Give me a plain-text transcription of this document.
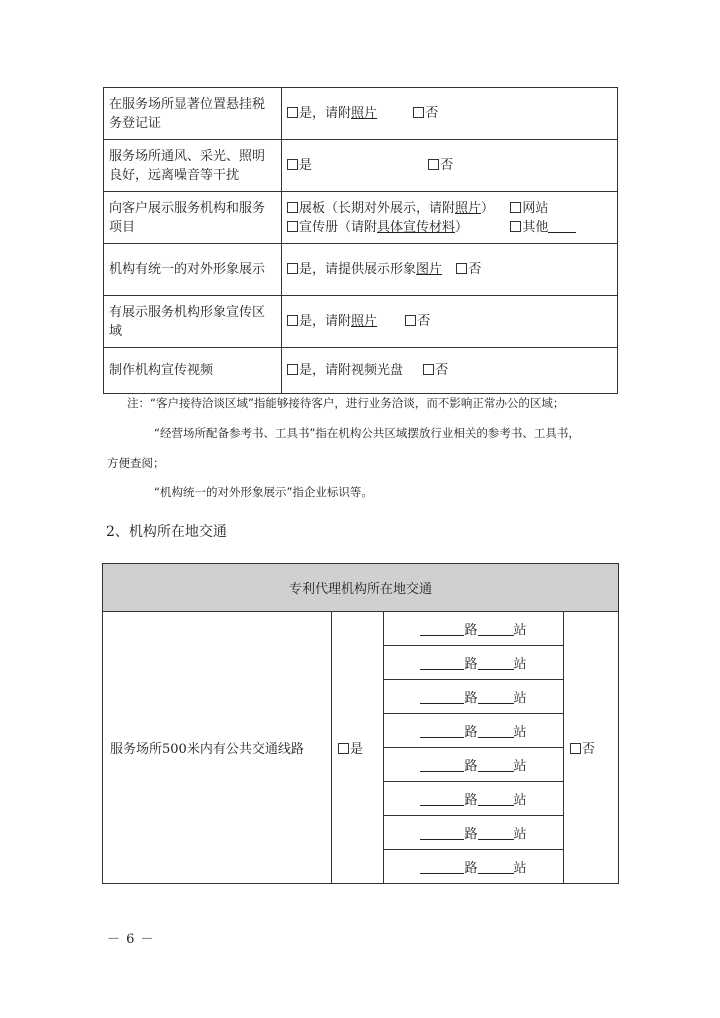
在服务场所显著位置悬挂税务登记证	是，请附照片 否
服务场所通风、采光、照明良好，远离噪音等干扰	是 否
向客户展示服务机构和服务项目	展板（长期对外展示，请附照片） 网站
宣传册（请附具体宣传材料） 其他

机构有统一的对外形象展示	是，请提供展示形象图片 否
有展示服务机构形象宣传区域	是，请附照片 否
制作机构宣传视频	是，请附视频光盘 否
注：“客户接待洽谈区域”指能够接待客户，进行业务洽谈，而不影响正常办公的区域；
“经营场所配备参考书、工具书”指在机构公共区域摆放行业相关的参考书、工具书，
方便查阅；
“机构统一的对外形象展示”指企业标识等。
2、机构所在地交通
专利代理机构所在地交通
服务场所500米内有公共交通线路	是	路	站	否
路	站
路	站
路	站
路	站
路	站
路	站
路	站
－ 6 －
